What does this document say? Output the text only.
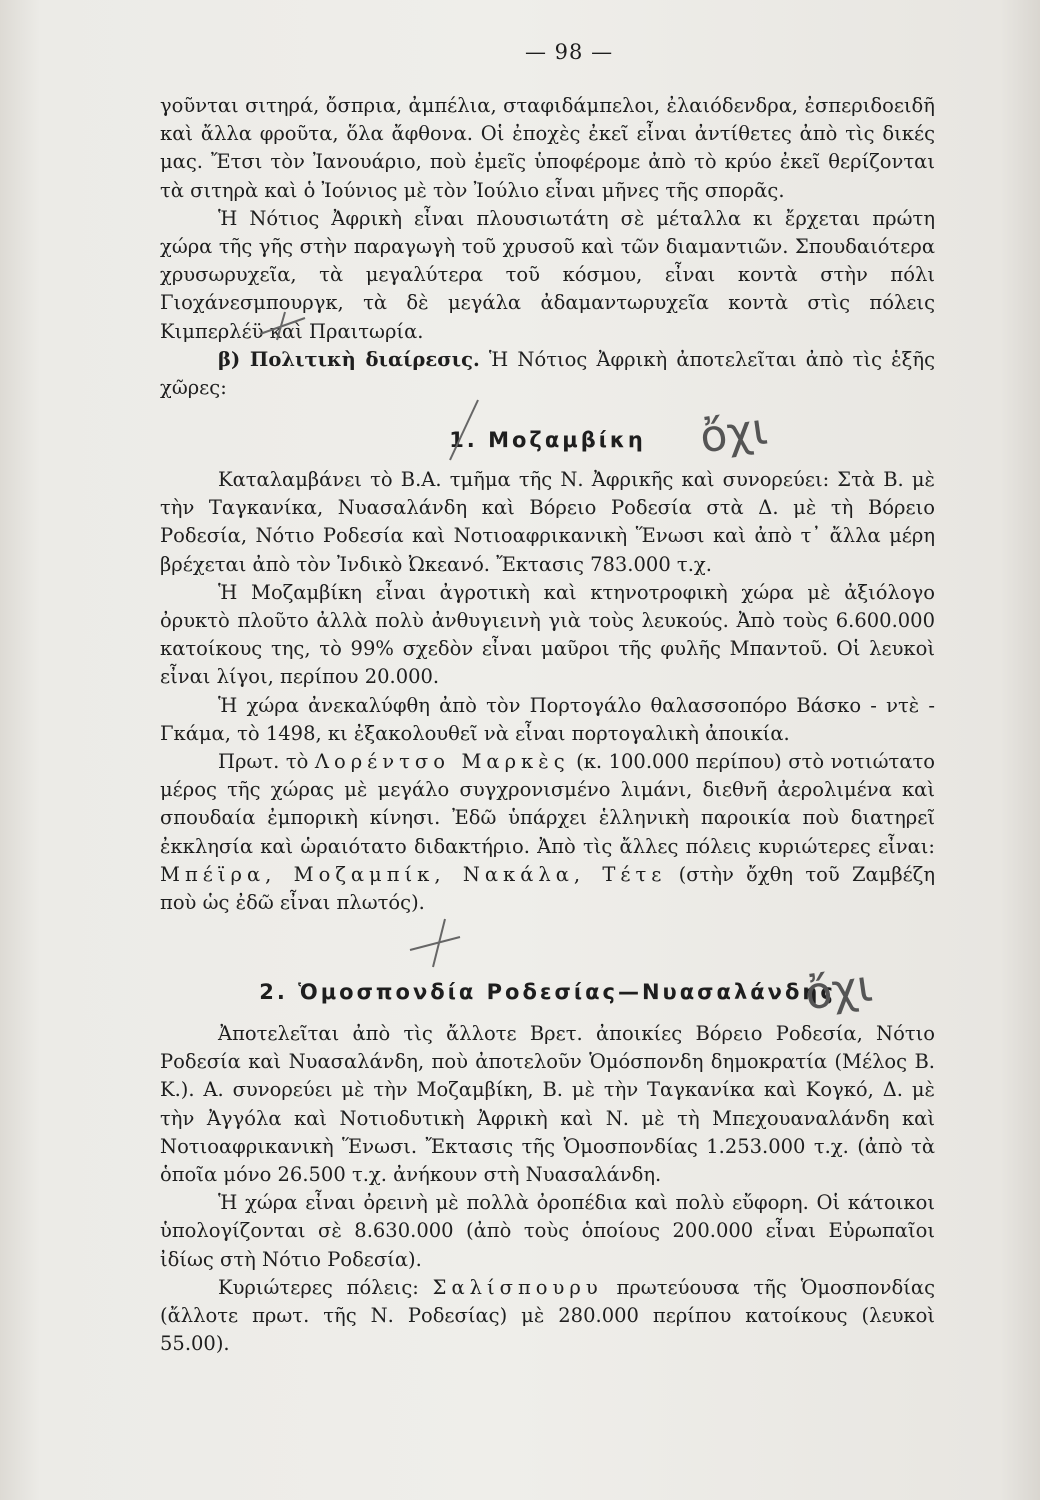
— 98 —

γοῦνται σιτηρά, ὄσπρια, ἀμπέλια, σταφιδάμπελοι, ἐλαιόδενδρα, ἐσπεριδοειδῆ καὶ ἄλλα φροῦτα, ὅλα ἄφθονα. Οἱ ἐποχὲς ἐκεῖ εἶναι ἀντίθετες ἀπὸ τὶς δικές μας. Ἔτσι τὸν Ἰανουάριο, ποὺ ἐμεῖς ὑποφέρομε ἀπὸ τὸ κρύο ἐκεῖ θερίζονται τὰ σιτηρὰ καὶ ὁ Ἰούνιος μὲ τὸν Ἰούλιο εἶναι μῆνες τῆς σπορᾶς.

Ἡ Νότιος Ἀφρικὴ εἶναι πλουσιωτάτη σὲ μέταλλα κι ἔρχεται πρώτη χώρα τῆς γῆς στὴν παραγωγὴ τοῦ χρυσοῦ καὶ τῶν διαμαντιῶν. Σπουδαιότερα χρυσωρυχεῖα, τὰ μεγαλύτερα τοῦ κόσμου, εἶναι κοντὰ στὴν πόλι Γιοχάνεσμπουργκ, τὰ δὲ μεγάλα ἀδαμαντωρυχεῖα κοντὰ στὶς πόλεις Κιμπερλέϋ καὶ Πραιτωρία.

β) Πολιτικὴ διαίρεσις. Ἡ Νότιος Ἀφρικὴ ἀποτελεῖται ἀπὸ τὶς ἑξῆς χῶρες:

1. Μοζαμβίκη	ὄχι

Καταλαμβάνει τὸ Β.Α. τμῆμα τῆς Ν. Ἀφρικῆς καὶ συνορεύει: Στὰ Β. μὲ τὴν Ταγκανίκα, Νυασαλάνδη καὶ Βόρειο Ροδεσία στὰ Δ. μὲ τὴ Βόρειο Ροδεσία, Νότιο Ροδεσία καὶ Νοτιοαφρικανικὴ Ἕνωσι καὶ ἀπὸ τ᾿ ἄλλα μέρη βρέχεται ἀπὸ τὸν Ἰνδικὸ Ὠκεανό. Ἔκτασις 783.000 τ.χ.

Ἡ Μοζαμβίκη εἶναι ἀγροτικὴ καὶ κτηνοτροφικὴ χώρα μὲ ἀξιόλογο ὀρυκτὸ πλοῦτο ἀλλὰ πολὺ ἀνθυγιεινὴ γιὰ τοὺς λευκούς. Ἀπὸ τοὺς 6.600.000 κατοίκους της, τὸ 99% σχεδὸν εἶναι μαῦροι τῆς φυλῆς Μπαντοῦ. Οἱ λευκοὶ εἶναι λίγοι, περίπου 20.000.

Ἡ χώρα ἀνεκαλύφθη ἀπὸ τὸν Πορτογάλο θαλασσοπόρο Βάσκο - ντὲ - Γκάμα, τὸ 1498, κι ἐξακολουθεῖ νὰ εἶναι πορτογαλικὴ ἀποικία.

Πρωτ. τὸ Λορέντσο Μαρκὲς (κ. 100.000 περίπου) στὸ νοτιώτατο μέρος τῆς χώρας μὲ μεγάλο συγχρονισμένο λιμάνι, διεθνῆ ἀερολιμένα καὶ σπουδαία ἐμπορικὴ κίνησι. Ἐδῶ ὑπάρχει ἑλληνικὴ παροικία ποὺ διατηρεῖ ἐκκλησία καὶ ὡραιότατο διδακτήριο. Ἀπὸ τὶς ἄλλες πόλεις κυριώτερες εἶναι: Μπέϊρα, Μοζαμπίκ, Νακάλα, Τέτε (στὴν ὄχθη τοῦ Ζαμβέζη ποὺ ὡς ἐδῶ εἶναι πλωτός).

2. Ὁμοσπονδία Ροδεσίας—Νυασαλάνδης
ὄχι

Ἀποτελεῖται ἀπὸ τὶς ἄλλοτε Βρετ. ἀποικίες Βόρειο Ροδεσία, Νότιο Ροδεσία καὶ Νυασαλάνδη, ποὺ ἀποτελοῦν Ὁμόσπονδη δημοκρατία (Μέλος Β. Κ.). Α. συνορεύει μὲ τὴν Μοζαμβίκη, Β. μὲ τὴν Ταγκανίκα καὶ Κογκό, Δ. μὲ τὴν Ἀγγόλα καὶ Νοτιοδυτικὴ Ἀφρικὴ καὶ Ν. μὲ τὴ Μπεχουαναλάνδη καὶ Νοτιοαφρικανικὴ Ἕνωσι. Ἔκτασις τῆς Ὁμοσπονδίας 1.253.000 τ.χ. (ἀπὸ τὰ ὁποῖα μόνο 26.500 τ.χ. ἀνήκουν στὴ Νυασαλάνδη.

Ἡ χώρα εἶναι ὀρεινὴ μὲ πολλὰ ὀροπέδια καὶ πολὺ εὔφορη. Οἱ κάτοικοι ὑπολογίζονται σὲ 8.630.000 (ἀπὸ τοὺς ὁποίους 200.000 εἶναι Εὐρωπαῖοι ἰδίως στὴ Νότιο Ροδεσία).

Κυριώτερες πόλεις: Σαλίσπουρυ πρωτεύουσα τῆς Ὁμοσπονδίας (ἄλλοτε πρωτ. τῆς Ν. Ροδεσίας) μὲ 280.000 περίπου κατοίκους (λευκοὶ 55.00).
